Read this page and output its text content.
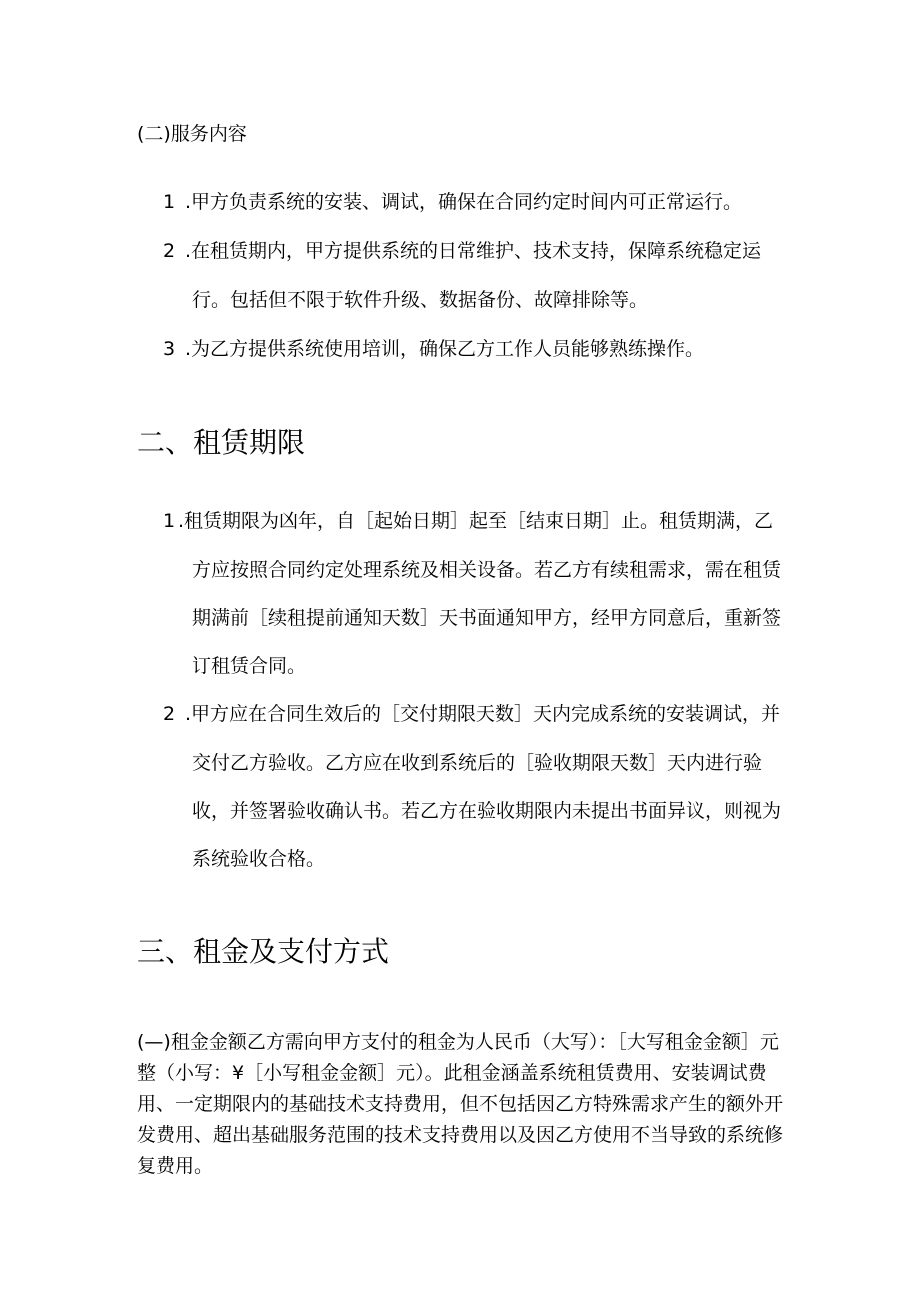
(二)服务内容
1 .甲方负责系统的安装、调试，确保在合同约定时间内可正常运行。
2 .在租赁期内，甲方提供系统的日常维护、技术支持，保障系统稳定运
行。包括但不限于软件升级、数据备份、故障排除等。
3 .为乙方提供系统使用培训，确保乙方工作人员能够熟练操作。
二、租赁期限
1 .租赁期限为凶年，自［起始日期］起至［结束日期］止。租赁期满，乙
方应按照合同约定处理系统及相关设备。若乙方有续租需求，需在租赁
期满前［续租提前通知天数］天书面通知甲方，经甲方同意后，重新签
订租赁合同。
2 .甲方应在合同生效后的［交付期限天数］天内完成系统的安装调试，并
交付乙方验收。乙方应在收到系统后的［验收期限天数］天内进行验
收，并签署验收确认书。若乙方在验收期限内未提出书面异议，则视为
系统验收合格。
三、租金及支付方式
(—)租金金额乙方需向甲方支付的租金为人民币（大写）：［大写租金金额］元
整（小写：¥［小写租金金额］元）。此租金涵盖系统租赁费用、安装调试费
用、一定期限内的基础技术支持费用，但不包括因乙方特殊需求产生的额外开
发费用、超出基础服务范围的技术支持费用以及因乙方使用不当导致的系统修
复费用。
